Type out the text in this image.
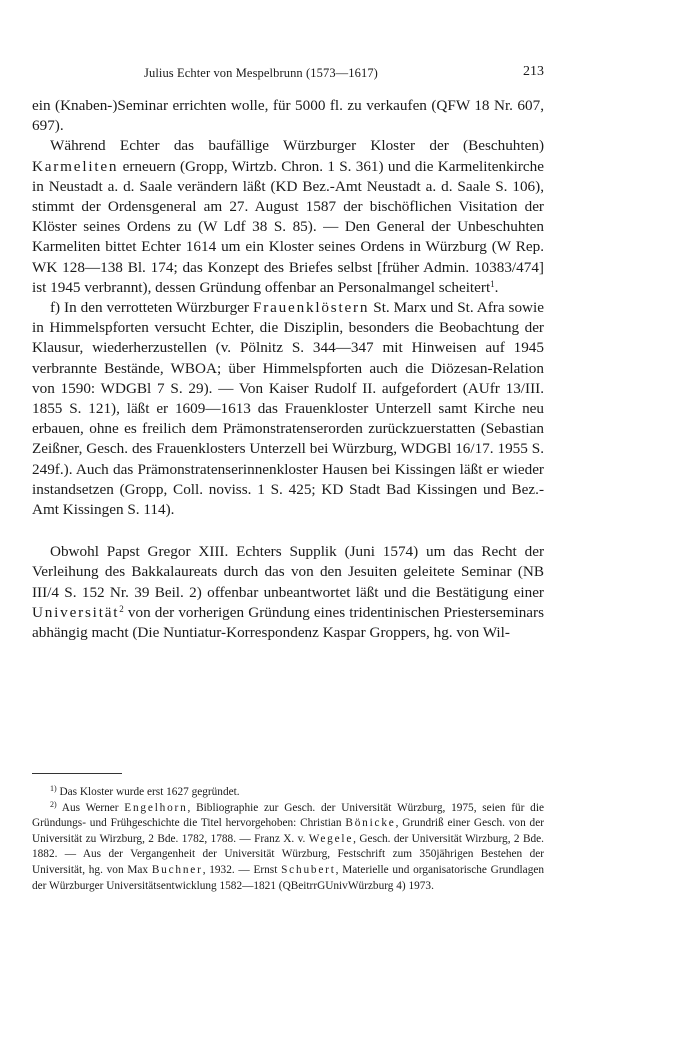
Julius Echter von Mespelbrunn (1573—1617)	213

ein (Knaben-)Seminar errichten wolle, für 5000 fl. zu verkaufen (QFW 18 Nr. 607, 697).

Während Echter das baufällige Würzburger Kloster der (Beschuhten) Karmeliten erneuern (Gropp, Wirtzb. Chron. 1 S. 361) und die Karmelitenkirche in Neustadt a. d. Saale verändern läßt (KD Bez.-Amt Neustadt a. d. Saale S. 106), stimmt der Ordensgeneral am 27. August 1587 der bischöflichen Visitation der Klöster seines Ordens zu (W Ldf 38 S. 85). — Den General der Unbeschuhten Karmeliten bittet Echter 1614 um ein Kloster seines Ordens in Würzburg (W Rep. WK 128—138 Bl. 174; das Konzept des Briefes selbst [früher Admin. 10383/474] ist 1945 verbrannt), dessen Gründung offenbar an Personalmangel scheitert$^1$.

f) In den verrotteten Würzburger Frauenklöstern St. Marx und St. Afra sowie in Himmelspforten versucht Echter, die Disziplin, besonders die Beobachtung der Klausur, wiederherzustellen (v. Pölnitz S. 344—347 mit Hinweisen auf 1945 verbrannte Bestände, WBOA; über Himmelspforten auch die Diözesan-Relation von 1590: WDGBl 7 S. 29). — Von Kaiser Rudolf II. aufgefordert (AUfr 13/III. 1855 S. 121), läßt er 1609—1613 das Frauenkloster Unterzell samt Kirche neu erbauen, ohne es freilich dem Prämonstratenserorden zurückzuerstatten (Sebastian Zeißner, Gesch. des Frauenklosters Unterzell bei Würzburg, WDGBl 16/17. 1955 S. 249f.). Auch das Prämonstratenserinnenkloster Hausen bei Kissingen läßt er wieder instandsetzen (Gropp, Coll. noviss. 1 S. 425; KD Stadt Bad Kissingen und Bez.-Amt Kissingen S. 114).

Obwohl Papst Gregor XIII. Echters Supplik (Juni 1574) um das Recht der Verleihung des Bakkalaureats durch das von den Jesuiten geleitete Seminar (NB III/4 S. 152 Nr. 39 Beil. 2) offenbar unbeantwortet läßt und die Bestätigung einer Universität$^2$ von der vorherigen Gründung eines tridentinischen Priesterseminars abhängig macht (Die Nuntiatur-Korrespondenz Kaspar Groppers, hg. von Wil-

$^{1)}$ Das Kloster wurde erst 1627 gegründet.

$^{2)}$ Aus Werner Engelhorn, Bibliographie zur Gesch. der Universität Würzburg, 1975, seien für die Gründungs- und Frühgeschichte die Titel hervorgehoben: Christian Bönicke, Grundriß einer Gesch. von der Universität zu Wirzburg, 2 Bde. 1782, 1788. — Franz X. v. Wegele, Gesch. der Universität Wirzburg, 2 Bde. 1882. — Aus der Vergangenheit der Universität Würzburg, Festschrift zum 350jährigen Bestehen der Universität, hg. von Max Buchner, 1932. — Ernst Schubert, Materielle und organisatorische Grundlagen der Würzburger Universitätsentwicklung 1582—1821 (QBeitrrGUnivWürzburg 4) 1973.
